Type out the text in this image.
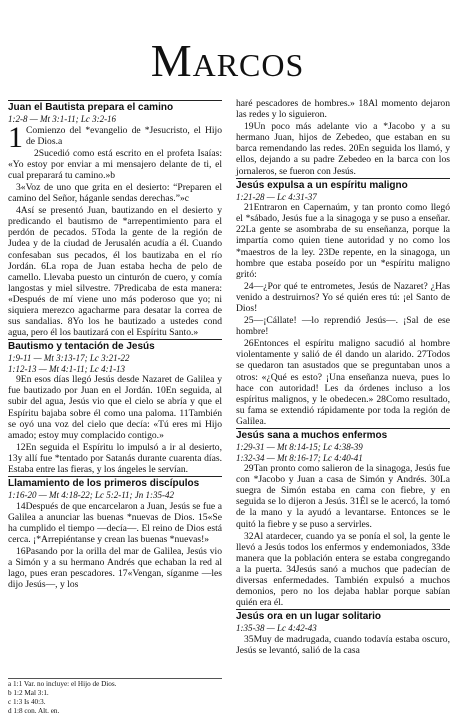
Marcos
Juan el Bautista prepara el camino
1:2-8 — Mt 3:1-11; Lc 3:2-16

1 Comienzo del *evangelio de *Jesucristo, el Hijo de Dios.a

2Sucedió como está escrito en el profeta Isaías: «Yo estoy por enviar a mi mensajero delante de ti, el cual preparará tu camino.»b

3«Voz de uno que grita en el desierto: “Preparen el camino del Señor, háganle sendas derechas.”»c

4Así se presentó Juan, bautizando en el desierto y predicando el bautismo de *arrepentimiento para el perdón de pecados. 5Toda la gente de la región de Judea y de la ciudad de Jerusalén acudía a él. Cuando confesaban sus pecados, él los bautizaba en el río Jordán. 6La ropa de Juan estaba hecha de pelo de camello. Llevaba puesto un cinturón de cuero, y comía langostas y miel silvestre. 7Predicaba de esta manera: «Después de mí viene uno más poderoso que yo; ni siquiera merezco agacharme para desatar la correa de sus sandalias. 8Yo los he bautizado a ustedes cond agua, pero él los bautizará con el Espíritu Santo.»

Bautismo y tentación de Jesús
1:9-11 — Mt 3:13-17; Lc 3:21-22
1:12-13 — Mt 4:1-11; Lc 4:1-13

9En esos días llegó Jesús desde Nazaret de Galilea y fue bautizado por Juan en el Jordán. 10En seguida, al subir del agua, Jesús vio que el cielo se abría y que el Espíritu bajaba sobre él como una paloma. 11También se oyó una voz del cielo que decía: «Tú eres mi Hijo amado; estoy muy complacido contigo.»

12En seguida el Espíritu lo impulsó a ir al desierto, 13y allí fue *tentado por Satanás durante cuarenta días. Estaba entre las fieras, y los ángeles le servían.

Llamamiento de los primeros discípulos
1:16-20 — Mt 4:18-22; Lc 5:2-11; Jn 1:35-42

14Después de que encarcelaron a Juan, Jesús se fue a Galilea a anunciar las buenas *nuevas de Dios. 15«Se ha cumplido el tiempo —decía—. El reino de Dios está cerca. ¡*Arrepiéntanse y crean las buenas *nuevas!»

16Pasando por la orilla del mar de Galilea, Jesús vio a Simón y a su hermano Andrés que echaban la red al lago, pues eran pescadores. 17«Vengan, síganme —les dijo Jesús—, y los

haré pescadores de hombres.» 18Al momento dejaron las redes y lo siguieron.

19Un poco más adelante vio a *Jacobo y a su hermano Juan, hijos de Zebedeo, que estaban en su barca remendando las redes. 20En seguida los llamó, y ellos, dejando a su padre Zebedeo en la barca con los jornaleros, se fueron con Jesús.

Jesús expulsa a un espíritu maligno
1:21-28 — Lc 4:31-37

21Entraron en Capernaúm, y tan pronto como llegó el *sábado, Jesús fue a la sinagoga y se puso a enseñar. 22La gente se asombraba de su enseñanza, porque la impartía como quien tiene autoridad y no como los *maestros de la ley. 23De repente, en la sinagoga, un hombre que estaba poseído por un *espíritu maligno gritó:

24—¿Por qué te entrometes, Jesús de Nazaret? ¿Has venido a destruirnos? Yo sé quién eres tú: ¡el Santo de Dios!

25—¡Cállate! —lo reprendió Jesús—. ¡Sal de ese hombre!

26Entonces el espíritu maligno sacudió al hombre violentamente y salió de él dando un alarido. 27Todos se quedaron tan asustados que se preguntaban unos a otros: «¿Qué es esto? ¡Una enseñanza nueva, pues lo hace con autoridad! Les da órdenes incluso a los espíritus malignos, y le obedecen.» 28Como resultado, su fama se extendió rápidamente por toda la región de Galilea.

Jesús sana a muchos enfermos
1:29-31 — Mt 8:14-15; Lc 4:38-39
1:32-34 — Mt 8:16-17; Lc 4:40-41

29Tan pronto como salieron de la sinagoga, Jesús fue con *Jacobo y Juan a casa de Simón y Andrés. 30La suegra de Simón estaba en cama con fiebre, y en seguida se lo dijeron a Jesús. 31Él se le acercó, la tomó de la mano y la ayudó a levantarse. Entonces se le quitó la fiebre y se puso a servirles.

32Al atardecer, cuando ya se ponía el sol, la gente le llevó a Jesús todos los enfermos y endemoniados, 33de manera que la población entera se estaba congregando a la puerta. 34Jesús sanó a muchos que padecían de diversas enfermedades. También expulsó a muchos demonios, pero no los dejaba hablar porque sabían quién era él.

Jesús ora en un lugar solitario
1:35-38 — Lc 4:42-43

35Muy de madrugada, cuando todavía estaba oscuro, Jesús se levantó, salió de la casa

a 1:1 Var. no incluye: el Hijo de Dios.
b 1:2 Mal 3:1.
c 1:3 Is 40:3.
d 1:8 con. Alt. en.
